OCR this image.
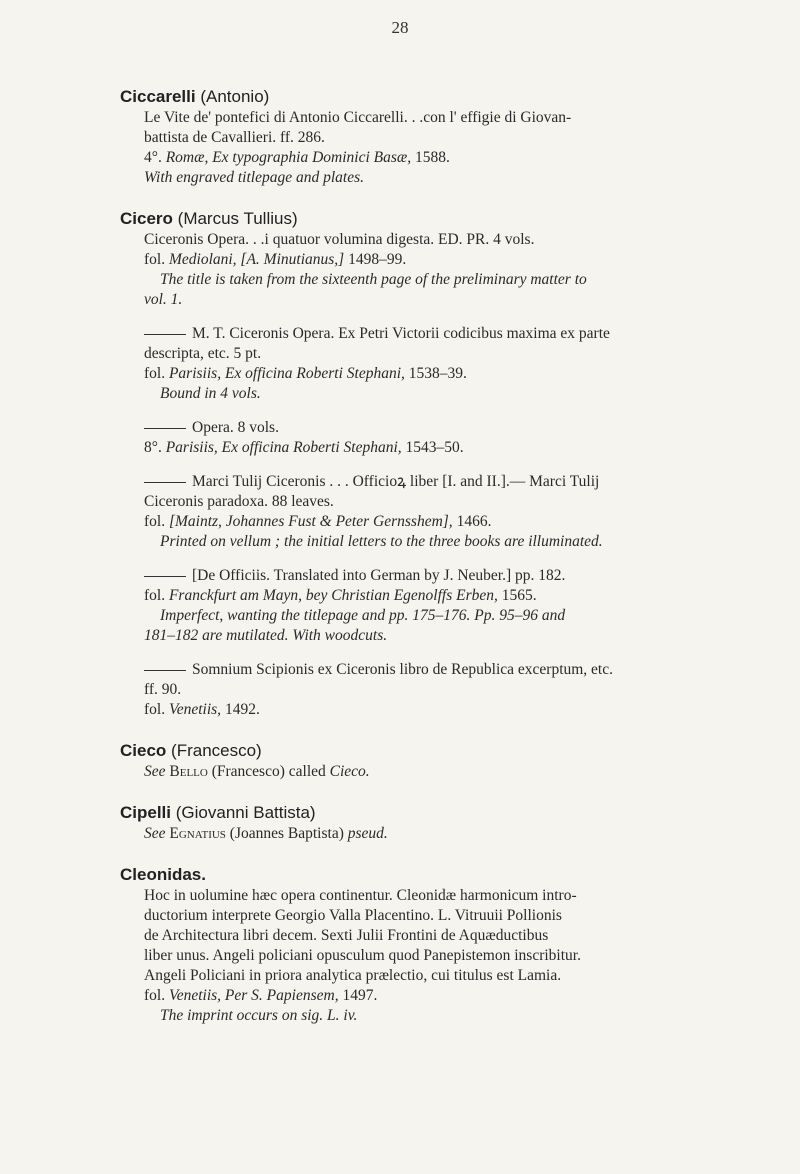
28

Ciccarelli (Antonio)

Le Vite de' pontefici di Antonio Ciccarelli. . .con l' effigie di Giovan-

battista de Cavallieri. ff. 286.

4°. Romæ, Ex typographia Dominici Basæ, 1588.

With engraved titlepage and plates.

Cicero (Marcus Tullius)

Ciceronis Opera. . .i quatuor volumina digesta. ED. PR. 4 vols.

fol. Mediolani, [A. Minutianus,] 1498–99.

The title is taken from the sixteenth page of the preliminary matter to

vol. 1.

M. T. Ciceronis Opera. Ex Petri Victorii codicibus maxima ex parte

descripta, etc. 5 pt.

fol. Parisiis, Ex officina Roberti Stephani, 1538–39.

Bound in 4 vols.

Opera. 8 vols.

8°. Parisiis, Ex officina Roberti Stephani, 1543–50.

Marci Tulij Ciceronis . . . Officioꝝ liber [I. and II.].— Marci Tulij

Ciceronis paradoxa. 88 leaves.

fol. [Maintz, Johannes Fust & Peter Gernsshem], 1466.

Printed on vellum ; the initial letters to the three books are illuminated.

[De Officiis. Translated into German by J. Neuber.] pp. 182.

fol. Franckfurt am Mayn, bey Christian Egenolffs Erben, 1565.

Imperfect, wanting the titlepage and pp. 175–176. Pp. 95–96 and

181–182 are mutilated. With woodcuts.

Somnium Scipionis ex Ciceronis libro de Republica excerptum, etc.

ff. 90.

fol. Venetiis, 1492.

Cieco (Francesco)

See Bello (Francesco) called Cieco.

Cipelli (Giovanni Battista)

See Egnatius (Joannes Baptista) pseud.

Cleonidas.

Hoc in uolumine hæc opera continentur. Cleonidæ harmonicum intro-

ductorium interprete Georgio Valla Placentino. L. Vitruuii Pollionis

de Architectura libri decem. Sexti Julii Frontini de Aquæductibus

liber unus. Angeli policiani opusculum quod Panepistemon inscribitur.

Angeli Policiani in priora analytica prælectio, cui titulus est Lamia.

fol. Venetiis, Per S. Papiensem, 1497.

The imprint occurs on sig. L. iv.
